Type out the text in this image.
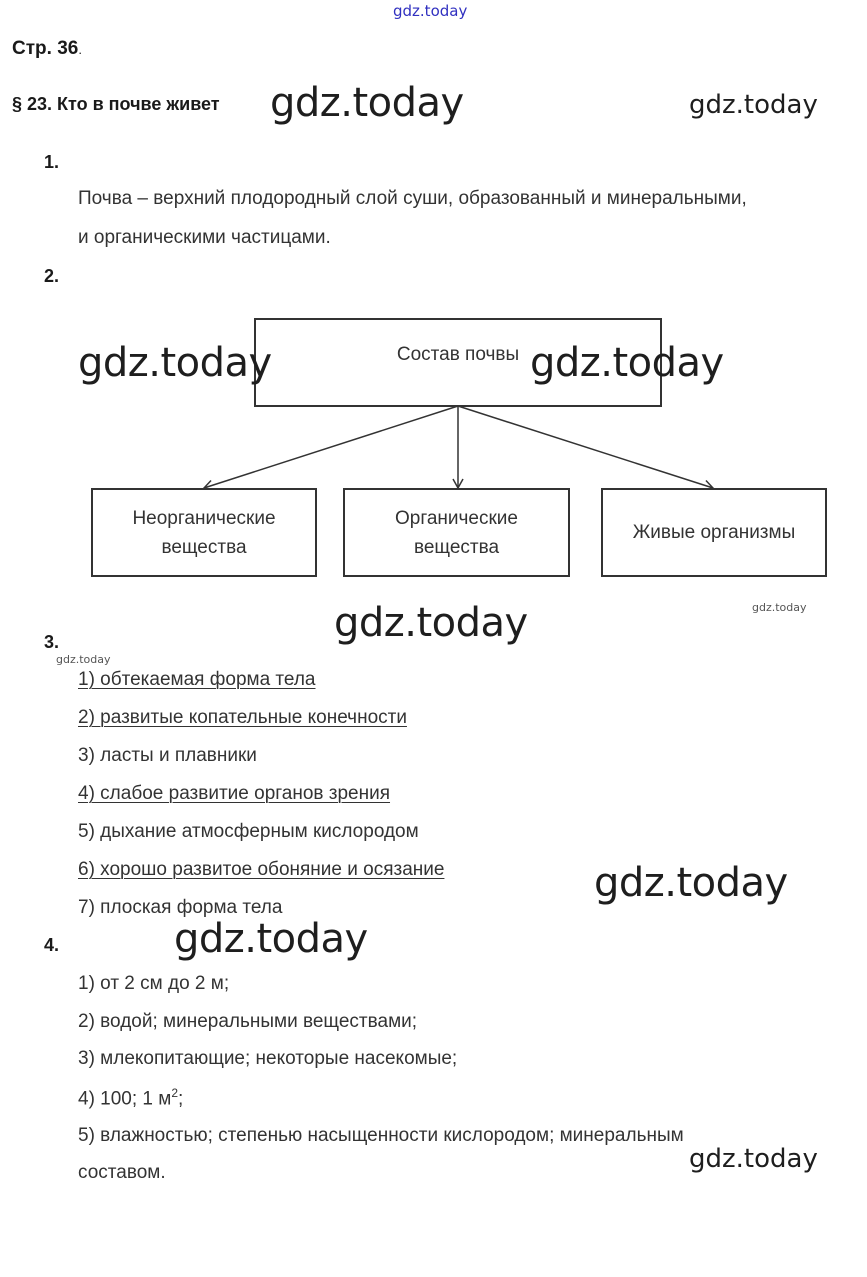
gdz.today
Стр. 36.
§ 23. Кто в почве живет gdz.today	gdz.today
1.
Почва – верхний плодородный слой суши, образованный и минеральными,
и органическими частицами.
2.
Состав почвы
Неорганические
вещества
Органические
вещества
Живые организмы
gdz.today	gdz.today
gdz.today
gdz.today
3.
gdz.today
1) обтекаемая форма тела
2) развитые копательные конечности
3) ласты и плавники
4) слабое развитие органов зрения
5) дыхание атмосферным кислородом
6) хорошо развитое обоняние и осязание
7) плоская форма тела
gdz.today
4.	gdz.today
1) от 2 см до 2 м;
2) водой; минеральными веществами;
3) млекопитающие; некоторые насекомые;
4) 100; 1 $м^2$;
5) влажностью; степенью насыщенности кислородом; минеральным
составом.	gdz.today
